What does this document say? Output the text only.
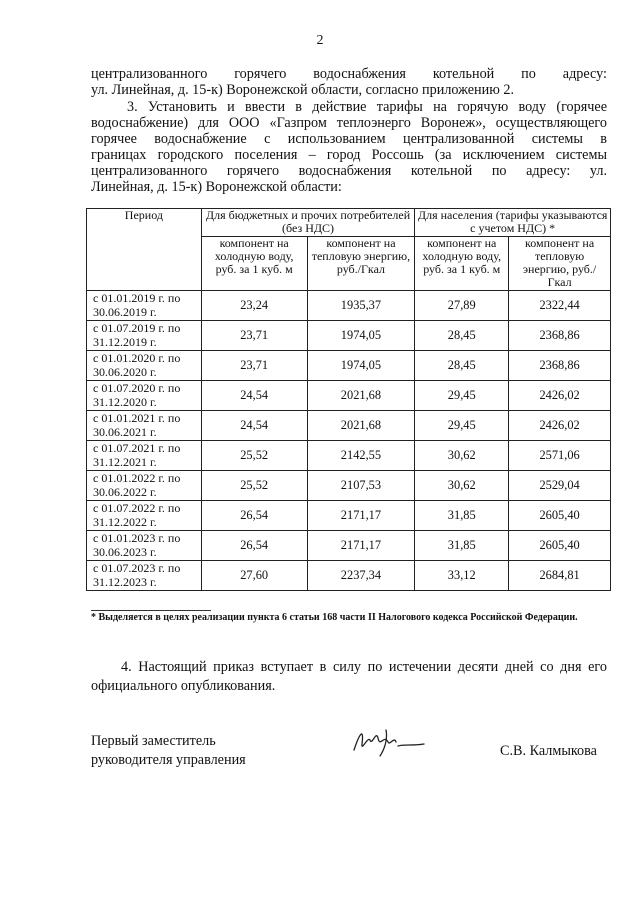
2
централизованного горячего водоснабжения котельной по адресу:
ул. Линейная, д. 15-к) Воронежской области, согласно приложению 2.
3. Установить и ввести в действие тарифы на горячую воду (горячее
водоснабжение) для ООО «Газпром теплоэнерго Воронеж», осуществляющего
горячее водоснабжение с использованием централизованной системы в
границах городского поселения – город Россошь (за исключением системы
централизованного горячего водоснабжения котельной по адресу: ул.
Линейная, д. 15-к) Воронежской области:
Период	Для бюджетных и прочих потребителей (без НДС)		Для населения (тарифы указываются с учетом НДС) *	
	компонент на холодную воду, руб. за 1 куб. м	компонент на тепловую энергию, руб./Гкал	компонент на холодную воду, руб. за 1 куб. м	компонент на тепловую энергию, руб./Гкал
с 01.01.2019 г. по 30.06.2019 г.	23,24	1935,37	27,89	2322,44
с 01.07.2019 г. по 31.12.2019 г.	23,71	1974,05	28,45	2368,86
с 01.01.2020 г. по 30.06.2020 г.	23,71	1974,05	28,45	2368,86
с 01.07.2020 г. по 31.12.2020 г.	24,54	2021,68	29,45	2426,02
с 01.01.2021 г. по 30.06.2021 г.	24,54	2021,68	29,45	2426,02
с 01.07.2021 г. по 31.12.2021 г.	25,52	2142,55	30,62	2571,06
с 01.01.2022 г. по 30.06.2022 г.	25,52	2107,53	30,62	2529,04
с 01.07.2022 г. по 31.12.2022 г.	26,54	2171,17	31,85	2605,40
с 01.01.2023 г. по 30.06.2023 г.	26,54	2171,17	31,85	2605,40
с 01.07.2023 г. по 31.12.2023 г.	27,60	2237,34	33,12	2684,81
* Выделяется в целях реализации пункта 6 статьи 168 части II Налогового кодекса Российской Федерации.
4. Настоящий приказ вступает в силу по истечении десяти дней со дня его
официального опубликования.
Первый заместитель
руководителя управления
С.В. Калмыкова
